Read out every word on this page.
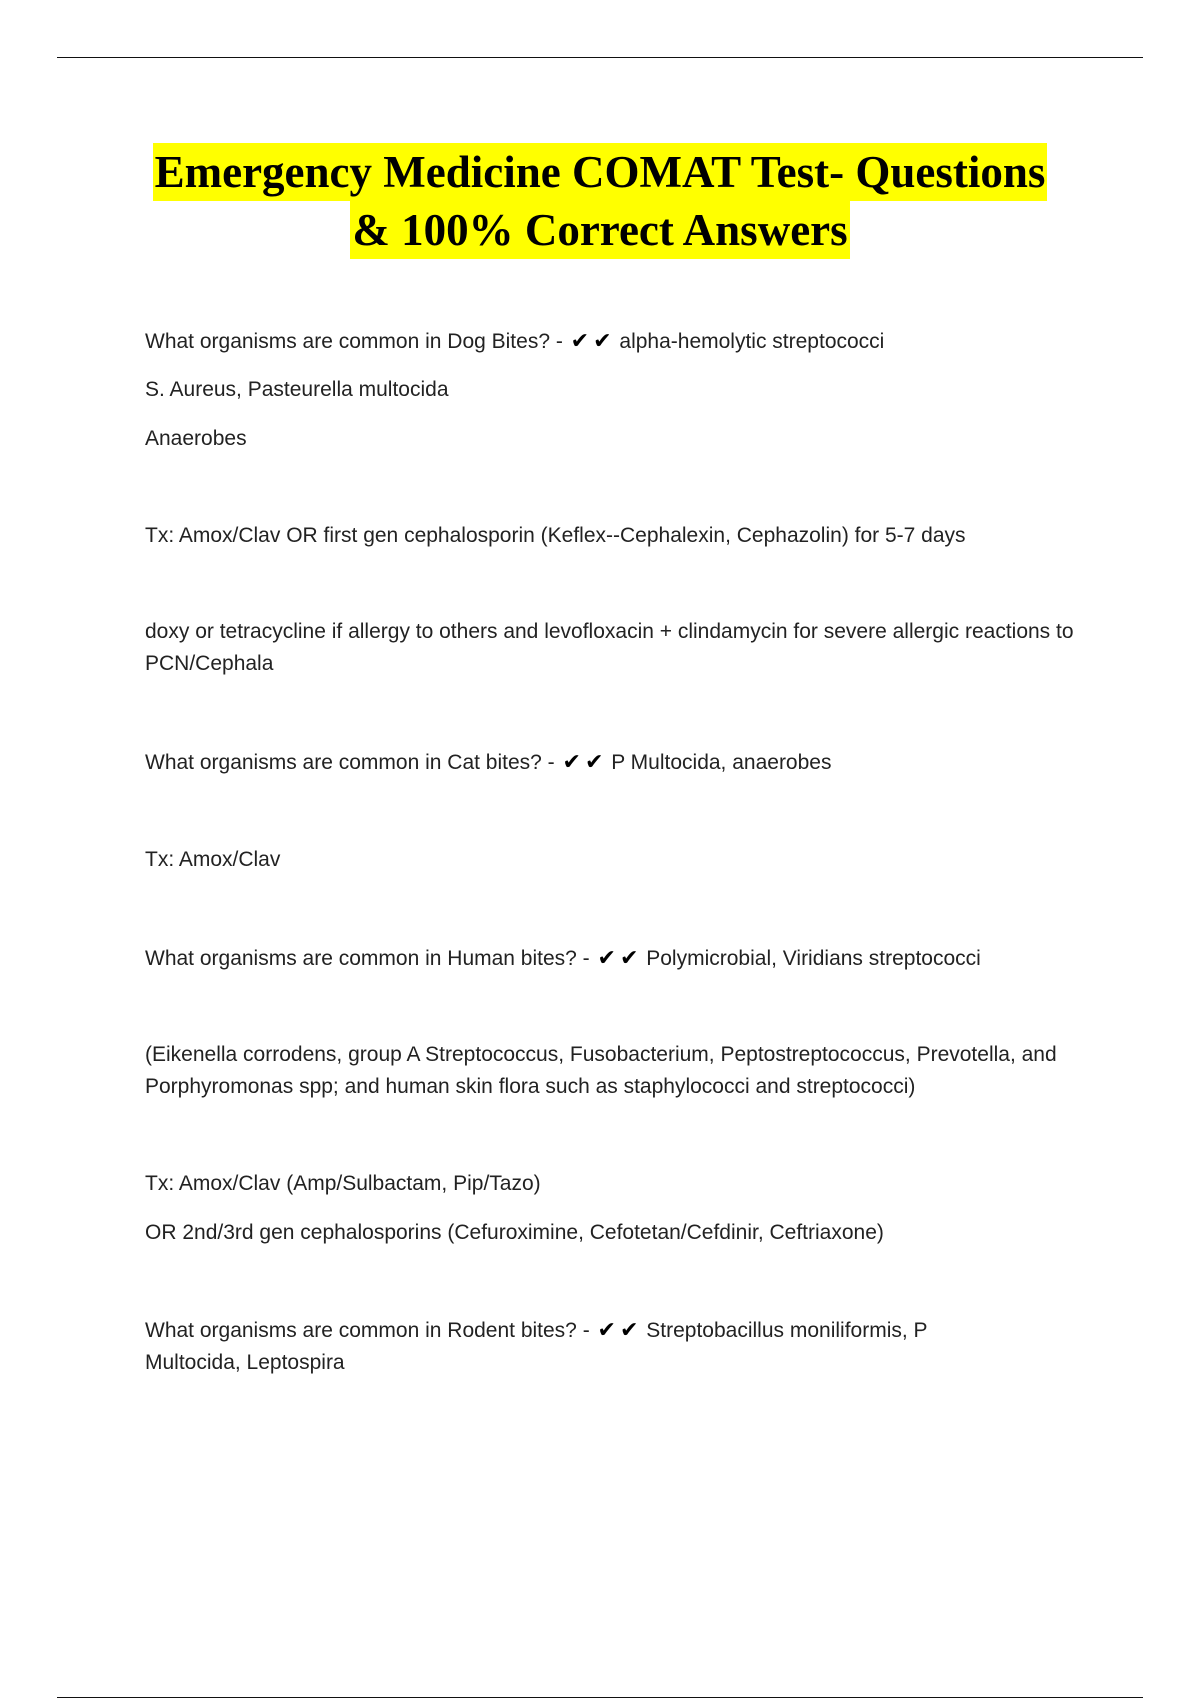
Emergency Medicine COMAT Test- Questions
& 100% Correct Answers

What organisms are common in Dog Bites? - ✔ ✔ alpha-hemolytic streptococci

S. Aureus, Pasteurella multocida

Anaerobes

Tx: Amox/Clav OR first gen cephalosporin (Keflex--Cephalexin, Cephazolin) for 5-7 days

doxy or tetracycline if allergy to others and levofloxacin + clindamycin for severe allergic reactions to PCN/Cephala

What organisms are common in Cat bites? - ✔ ✔ P Multocida, anaerobes

Tx: Amox/Clav

What organisms are common in Human bites? - ✔ ✔ Polymicrobial, Viridians streptococci

(Eikenella corrodens, group A Streptococcus, Fusobacterium, Peptostreptococcus, Prevotella, and Porphyromonas spp; and human skin flora such as staphylococci and streptococci)

Tx: Amox/Clav (Amp/Sulbactam, Pip/Tazo)

OR 2nd/3rd gen cephalosporins (Cefuroximine, Cefotetan/Cefdinir, Ceftriaxone)

What organisms are common in Rodent bites? - ✔ ✔ Streptobacillus moniliformis, P Multocida, Leptospira
